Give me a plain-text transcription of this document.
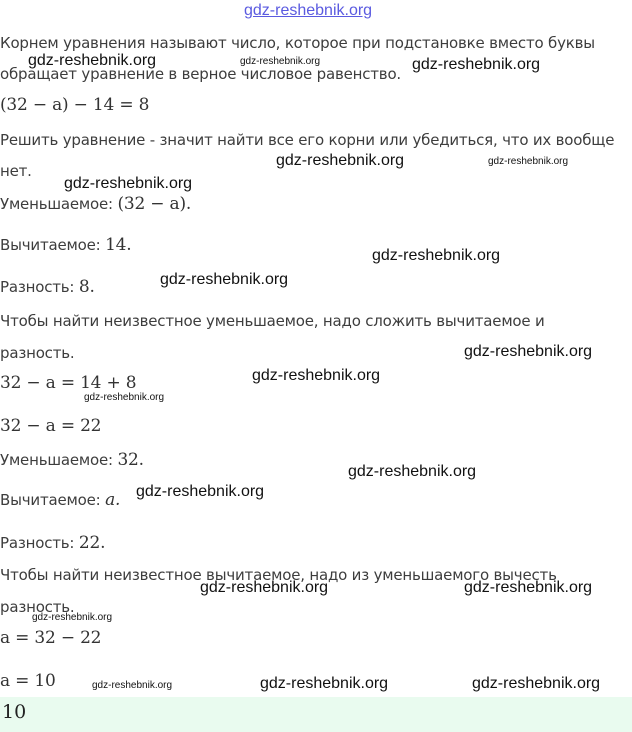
gdz-reshebnik.org
Корнем уравнения называют число, которое при подстановке вместо буквы
обращает уравнение в верное числовое равенство.
(32 − a) − 14 = 8
Решить уравнение - значит найти все его корни или убедиться, что их вообще
нет.
Уменьшаемое: (32 − a).
Вычитаемое: 14.
Разность: 8.
Чтобы найти неизвестное уменьшаемое, надо сложить вычитаемое и
разность.
32 − a = 14 + 8
32 − a = 22
Уменьшаемое: 32.
Вычитаемое: a.
Разность: 22.
Чтобы найти неизвестное вычитаемое, надо из уменьшаемого вычесть
разность.
a = 32 − 22
a = 10
10
gdz-reshebnik.org	gdz-reshebnik.org	gdz-reshebnik.org
gdz-reshebnik.org	gdz-reshebnik.org
gdz-reshebnik.org
gdz-reshebnik.org
gdz-reshebnik.org
gdz-reshebnik.org
gdz-reshebnik.org
gdz-reshebnik.org
gdz-reshebnik.org
gdz-reshebnik.org
gdz-reshebnik.org	gdz-reshebnik.org
gdz-reshebnik.org
gdz-reshebnik.org	gdz-reshebnik.org	gdz-reshebnik.org
